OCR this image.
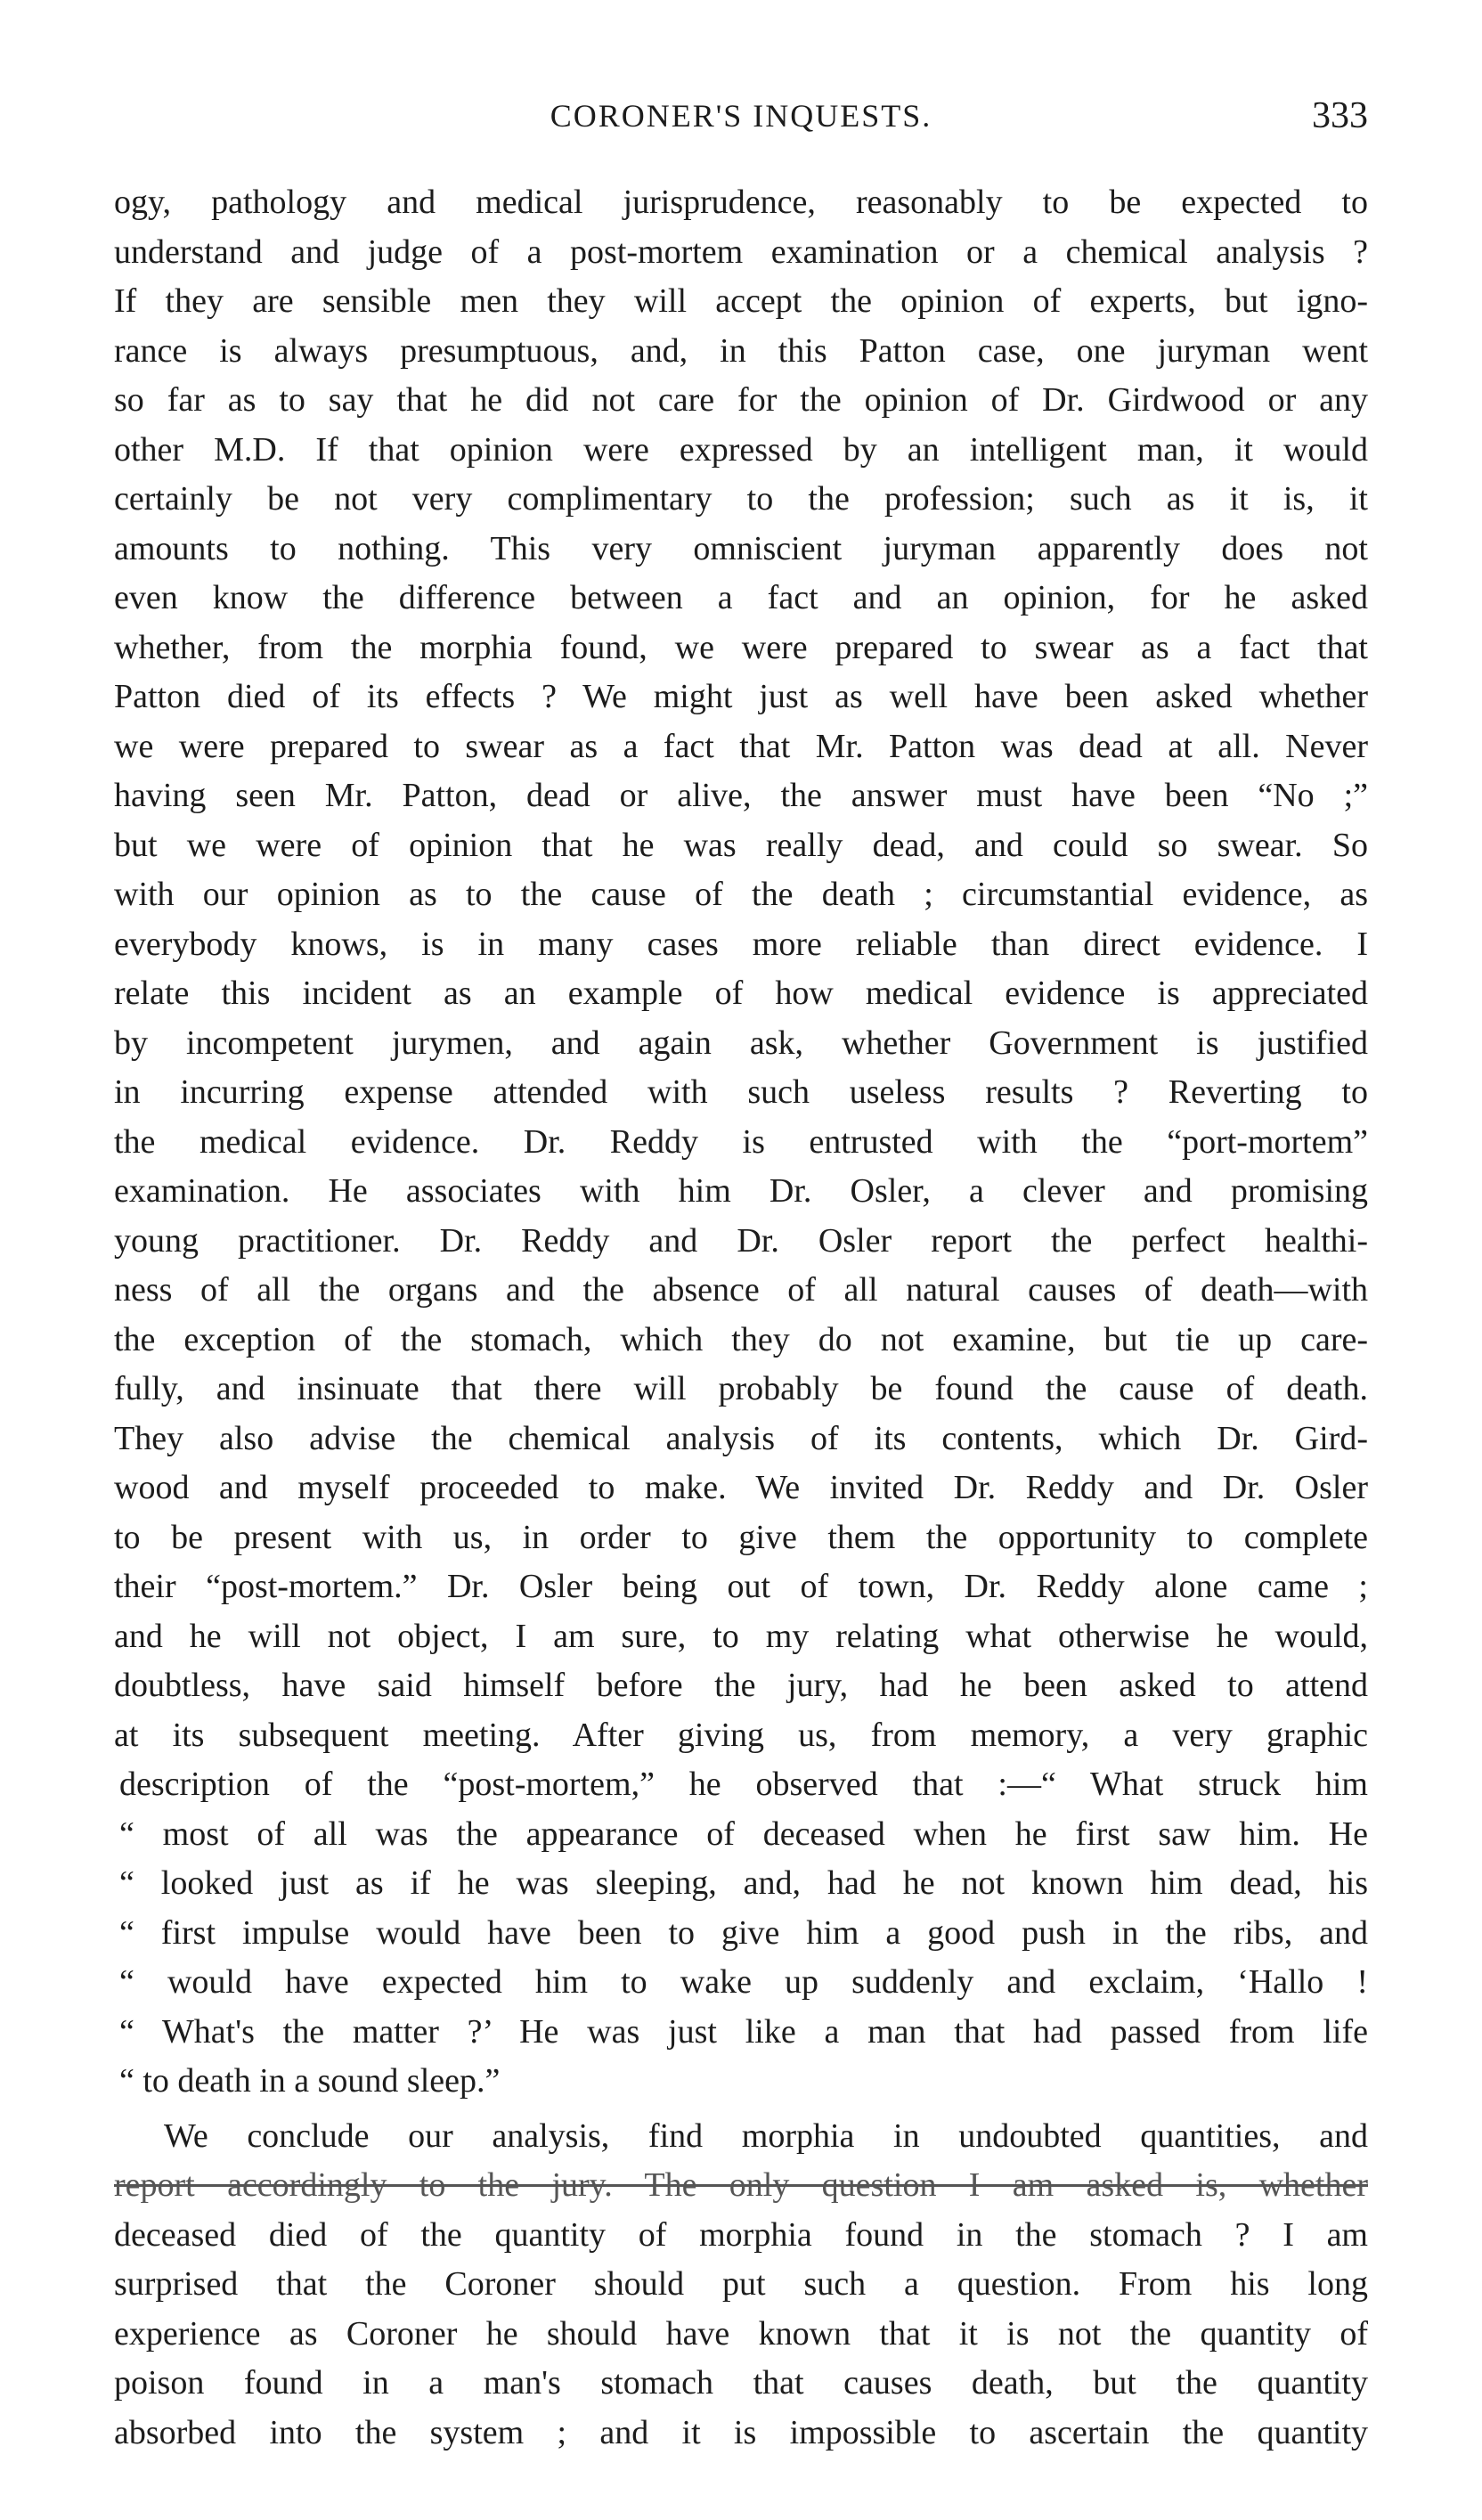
CORONER'S INQUESTS.	333
ogy, pathology and medical jurisprudence, reasonably to be expected to
understand and judge of a post-mortem examination or a chemical analysis ?
If they are sensible men they will accept the opinion of experts, but igno-
rance is always presumptuous, and, in this Patton case, one juryman went
so far as to say that he did not care for the opinion of Dr. Girdwood or any
other M.D. If that opinion were expressed by an intelligent man, it would
certainly be not very complimentary to the profession; such as it is, it
amounts to nothing. This very omniscient juryman apparently does not
even know the difference between a fact and an opinion, for he asked
whether, from the morphia found, we were prepared to swear as a fact that
Patton died of its effects ? We might just as well have been asked whether
we were prepared to swear as a fact that Mr. Patton was dead at all. Never
having seen Mr. Patton, dead or alive, the answer must have been “No ;”
but we were of opinion that he was really dead, and could so swear. So
with our opinion as to the cause of the death ; circumstantial evidence, as
everybody knows, is in many cases more reliable than direct evidence. I
relate this incident as an example of how medical evidence is appreciated
by incompetent jurymen, and again ask, whether Government is justified
in incurring expense attended with such useless results ? Reverting to
the medical evidence. Dr. Reddy is entrusted with the “port-mortem”
examination. He associates with him Dr. Osler, a clever and promising
young practitioner. Dr. Reddy and Dr. Osler report the perfect healthi-
ness of all the organs and the absence of all natural causes of death—with
the exception of the stomach, which they do not examine, but tie up care-
fully, and insinuate that there will probably be found the cause of death.
They also advise the chemical analysis of its contents, which Dr. Gird-
wood and myself proceeded to make. We invited Dr. Reddy and Dr. Osler
to be present with us, in order to give them the opportunity to complete
their “post-mortem.” Dr. Osler being out of town, Dr. Reddy alone came ;
and he will not object, I am sure, to my relating what otherwise he would,
doubtless, have said himself before the jury, had he been asked to attend
at its subsequent meeting. After giving us, from memory, a very graphic
description of the “post-mortem,” he observed that :—“ What struck him
“ most of all was the appearance of deceased when he first saw him. He
“ looked just as if he was sleeping, and, had he not known him dead, his
“ first impulse would have been to give him a good push in the ribs, and
“ would have expected him to wake up suddenly and exclaim, ‘Hallo !
“ What's the matter ?’ He was just like a man that had passed from life
“ to death in a sound sleep.”
We conclude our analysis, find morphia in undoubted quantities, and
report accordingly to the jury. The only question I am asked is, whether
deceased died of the quantity of morphia found in the stomach ? I am
surprised that the Coroner should put such a question. From his long
experience as Coroner he should have known that it is not the quantity of
poison found in a man's stomach that causes death, but the quantity
absorbed into the system ; and it is impossible to ascertain the quantity
